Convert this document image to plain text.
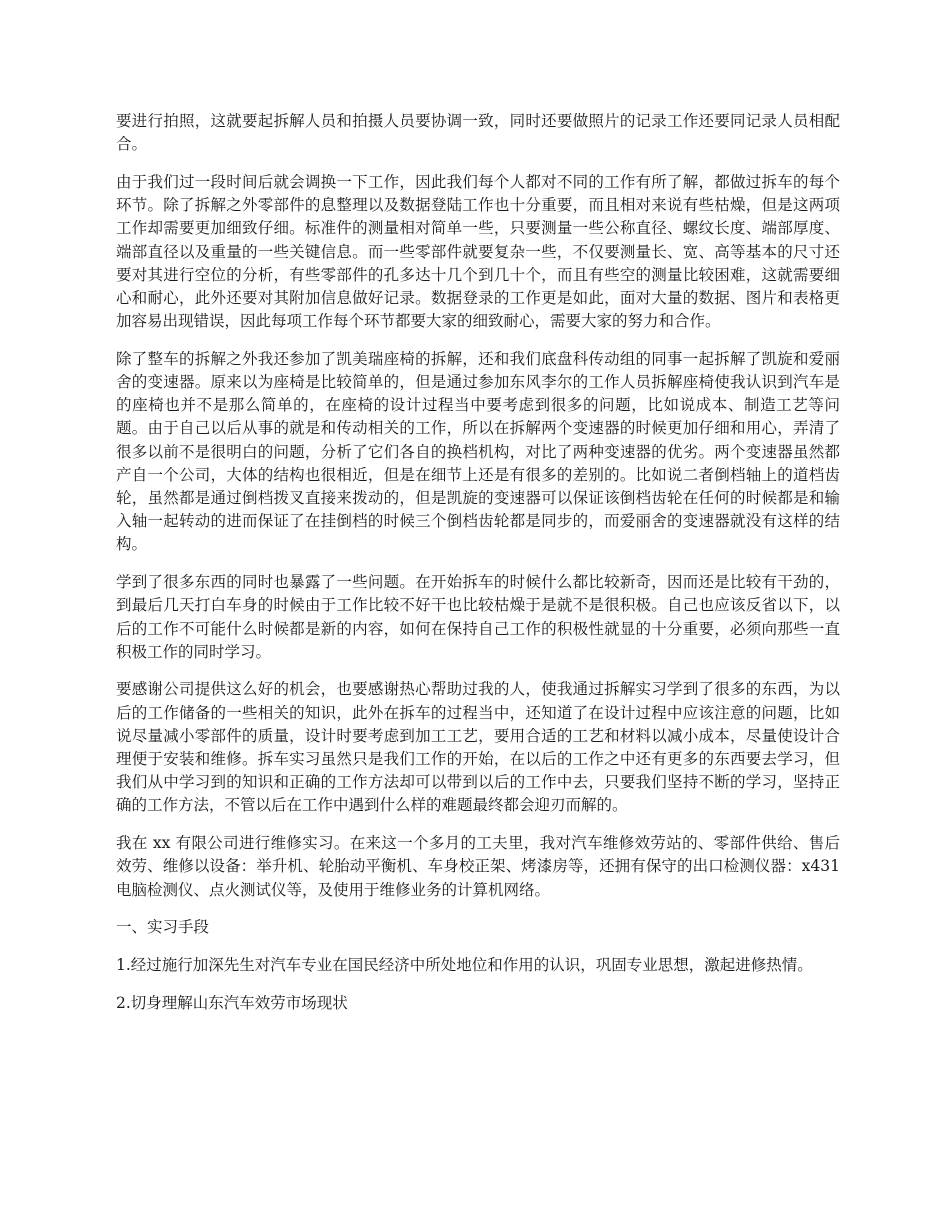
要进行拍照，这就要起拆解人员和拍摄人员要协调一致，同时还要做照片的记录工作还要同记录人员相配合。

由于我们过一段时间后就会调换一下工作，因此我们每个人都对不同的工作有所了解，都做过拆车的每个环节。除了拆解之外零部件的息整理以及数据登陆工作也十分重要，而且相对来说有些枯燥，但是这两项工作却需要更加细致仔细。标准件的测量相对简单一些，只要测量一些公称直径、螺纹长度、端部厚度、端部直径以及重量的一些关键信息。而一些零部件就要复杂一些，不仅要测量长、宽、高等基本的尺寸还要对其进行空位的分析，有些零部件的孔多达十几个到几十个，而且有些空的测量比较困难，这就需要细心和耐心，此外还要对其附加信息做好记录。数据登录的工作更是如此，面对大量的数据、图片和表格更加容易出现错误，因此每项工作每个环节都要大家的细致耐心，需要大家的努力和合作。

除了整车的拆解之外我还参加了凯美瑞座椅的拆解，还和我们底盘科传动组的同事一起拆解了凯旋和爱丽舍的变速器。原来以为座椅是比较简单的，但是通过参加东风李尔的工作人员拆解座椅使我认识到汽车是的座椅也并不是那么简单的，在座椅的设计过程当中要考虑到很多的问题，比如说成本、制造工艺等问题。由于自己以后从事的就是和传动相关的工作，所以在拆解两个变速器的时候更加仔细和用心，弄清了很多以前不是很明白的问题，分析了它们各自的换档机构，对比了两种变速器的优劣。两个变速器虽然都产自一个公司，大体的结构也很相近，但是在细节上还是有很多的差别的。比如说二者倒档轴上的道档齿轮，虽然都是通过倒档拨叉直接来拨动的，但是凯旋的变速器可以保证该倒档齿轮在任何的时候都是和输入轴一起转动的进而保证了在挂倒档的时候三个倒档齿轮都是同步的，而爱丽舍的变速器就没有这样的结构。

学到了很多东西的同时也暴露了一些问题。在开始拆车的时候什么都比较新奇，因而还是比较有干劲的，到最后几天打白车身的时候由于工作比较不好干也比较枯燥于是就不是很积极。自己也应该反省以下，以后的工作不可能什么时候都是新的内容，如何在保持自己工作的积极性就显的十分重要，必须向那些一直积极工作的同时学习。

要感谢公司提供这么好的机会，也要感谢热心帮助过我的人，使我通过拆解实习学到了很多的东西，为以后的工作储备的一些相关的知识，此外在拆车的过程当中，还知道了在设计过程中应该注意的问题，比如说尽量减小零部件的质量，设计时要考虑到加工工艺，要用合适的工艺和材料以减小成本，尽量使设计合理便于安装和维修。拆车实习虽然只是我们工作的开始，在以后的工作之中还有更多的东西要去学习，但我们从中学习到的知识和正确的工作方法却可以带到以后的工作中去，只要我们坚持不断的学习，坚持正确的工作方法，不管以后在工作中遇到什么样的难题最终都会迎刃而解的。

我在 xx 有限公司进行维修实习。在来这一个多月的工夫里，我对汽车维修效劳站的、零部件供给、售后效劳、维修以设备：举升机、轮胎动平衡机、车身校正架、烤漆房等，还拥有保守的出口检测仪器：x431 电脑检测仪、点火测试仪等，及使用于维修业务的计算机网络。

一、实习手段

1.经过施行加深先生对汽车专业在国民经济中所处地位和作用的认识，巩固专业思想，激起进修热情。

2.切身理解山东汽车效劳市场现状
